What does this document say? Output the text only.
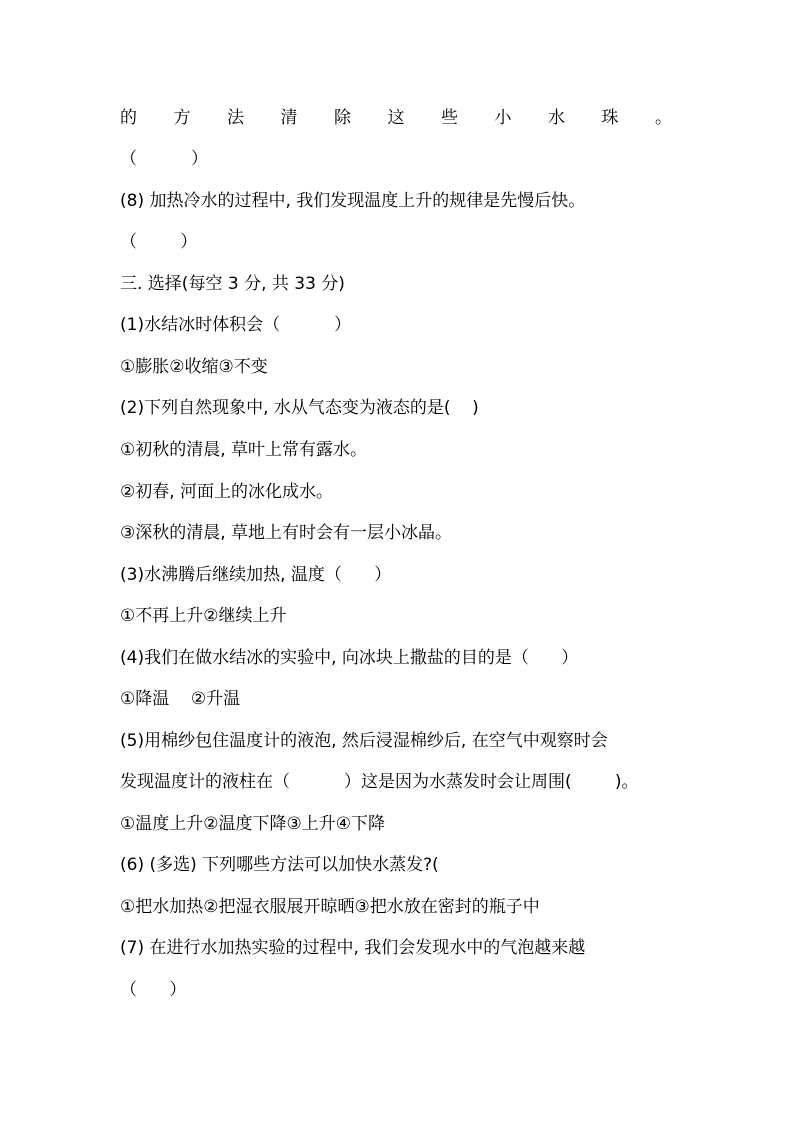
的 方 法 清 除 这 些 小 水 珠 。
（          ）
(8) 加热冷水的过程中, 我们发现温度上升的规律是先慢后快。
（        ）
三. 选择(每空 3 分, 共 33 分)
(1)水结冰时体积会（          ）
①膨胀②收缩③不变
(2)下列自然现象中, 水从气态变为液态的是(    )
①初秋的清晨, 草叶上常有露水。
②初春, 河面上的冰化成水。
③深秋的清晨, 草地上有时会有一层小冰晶。
(3)水沸腾后继续加热, 温度（      ）
①不再上升②继续上升
(4)我们在做水结冰的实验中, 向冰块上撒盐的目的是（      ）
①降温    ②升温
(5)用棉纱包住温度计的液泡, 然后浸湿棉纱后, 在空气中观察时会
发现温度计的液柱在（          ）这是因为水蒸发时会让周围(        )。
①温度上升②温度下降③上升④下降
(6) (多选) 下列哪些方法可以加快水蒸发?(
①把水加热②把湿衣服展开晾晒③把水放在密封的瓶子中
(7) 在进行水加热实验的过程中, 我们会发现水中的气泡越来越
（      ）
